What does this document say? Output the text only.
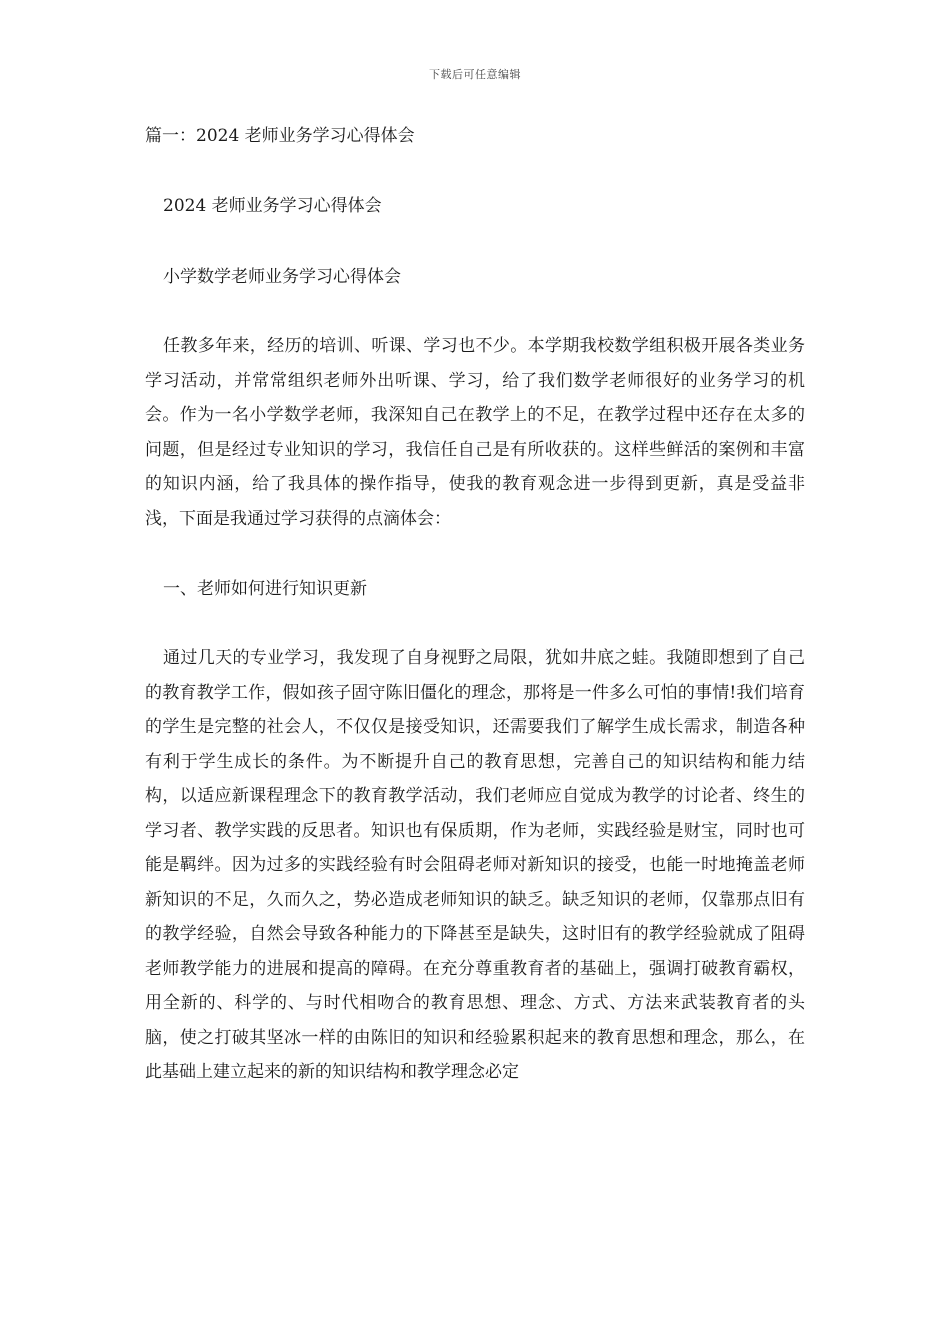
下载后可任意编辑

篇一：2024 老师业务学习心得体会

2024 老师业务学习心得体会

小学数学老师业务学习心得体会

任教多年来，经历的培训、听课、学习也不少。本学期我校数学组积极开展各类业务学习活动，并常常组织老师外出听课、学习，给了我们数学老师很好的业务学习的机会。作为一名小学数学老师，我深知自己在教学上的不足，在教学过程中还存在太多的问题，但是经过专业知识的学习，我信任自己是有所收获的。这样些鲜活的案例和丰富的知识内涵，给了我具体的操作指导，使我的教育观念进一步得到更新，真是受益非浅，下面是我通过学习获得的点滴体会：

一、老师如何进行知识更新

通过几天的专业学习，我发现了自身视野之局限，犹如井底之蛙。我随即想到了自己的教育教学工作，假如孩子固守陈旧僵化的理念，那将是一件多么可怕的事情!我们培育的学生是完整的社会人，不仅仅是接受知识，还需要我们了解学生成长需求，制造各种有利于学生成长的条件。为不断提升自己的教育思想，完善自己的知识结构和能力结构，以适应新课程理念下的教育教学活动，我们老师应自觉成为教学的讨论者、终生的学习者、教学实践的反思者。知识也有保质期，作为老师，实践经验是财宝，同时也可能是羁绊。因为过多的实践经验有时会阻碍老师对新知识的接受，也能一时地掩盖老师新知识的不足，久而久之，势必造成老师知识的缺乏。缺乏知识的老师，仅靠那点旧有的教学经验，自然会导致各种能力的下降甚至是缺失，这时旧有的教学经验就成了阻碍老师教学能力的进展和提高的障碍。在充分尊重教育者的基础上，强调打破教育霸权，用全新的、科学的、与时代相吻合的教育思想、理念、方式、方法来武装教育者的头脑，使之打破其坚冰一样的由陈旧的知识和经验累积起来的教育思想和理念，那么，在此基础上建立起来的新的知识结构和教学理念必定
